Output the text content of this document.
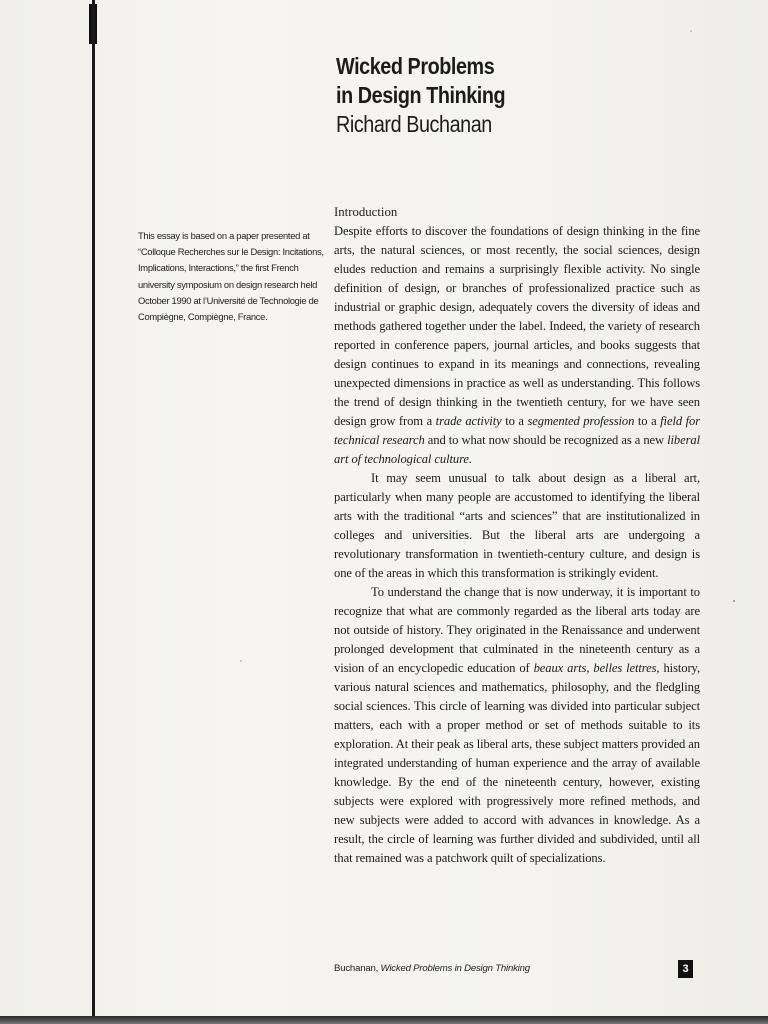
Wicked Problems
in Design Thinking
Richard Buchanan
This essay is based on a paper presented at
“Colloque Recherches sur le Design: Incitations,
Implications, Interactions,” the first French
university symposium on design research held
October 1990 at l’Université de Technologie de
Compiègne, Compiègne, France.
Introduction

Despite efforts to discover the foundations of design thinking in the fine arts, the natural sciences, or most recently, the social sciences, design eludes reduction and remains a surprisingly flexible activity. No single definition of design, or branches of professionalized practice such as industrial or graphic design, adequately covers the diversity of ideas and methods gathered together under the label. Indeed, the variety of research reported in conference papers, journal articles, and books suggests that design continues to expand in its meanings and connections, revealing unexpected dimensions in practice as well as understanding. This follows the trend of design thinking in the twentieth century, for we have seen design grow from a trade activity to a segmented profession to a field for technical research and to what now should be recognized as a new liberal art of technological culture.

It may seem unusual to talk about design as a liberal art, particularly when many people are accustomed to identifying the liberal arts with the traditional “arts and sciences” that are institutionalized in colleges and universities. But the liberal arts are undergoing a revolutionary transformation in twentieth-century culture, and design is one of the areas in which this transformation is strikingly evident.

To understand the change that is now underway, it is important to recognize that what are commonly regarded as the liberal arts today are not outside of history. They originated in the Renaissance and underwent prolonged development that culminated in the nineteenth century as a vision of an encyclopedic education of beaux arts, belles lettres, history, various natural sciences and mathematics, philosophy, and the fledgling social sciences. This circle of learning was divided into particular subject matters, each with a proper method or set of methods suitable to its exploration. At their peak as liberal arts, these subject matters provided an integrated understanding of human experience and the array of available knowledge. By the end of the nineteenth century, however, existing subjects were explored with progressively more refined methods, and new subjects were added to accord with advances in knowledge. As a result, the circle of learning was further divided and subdivided, until all that remained was a patchwork quilt of specializations.

Buchanan, Wicked Problems in Design Thinking	3
